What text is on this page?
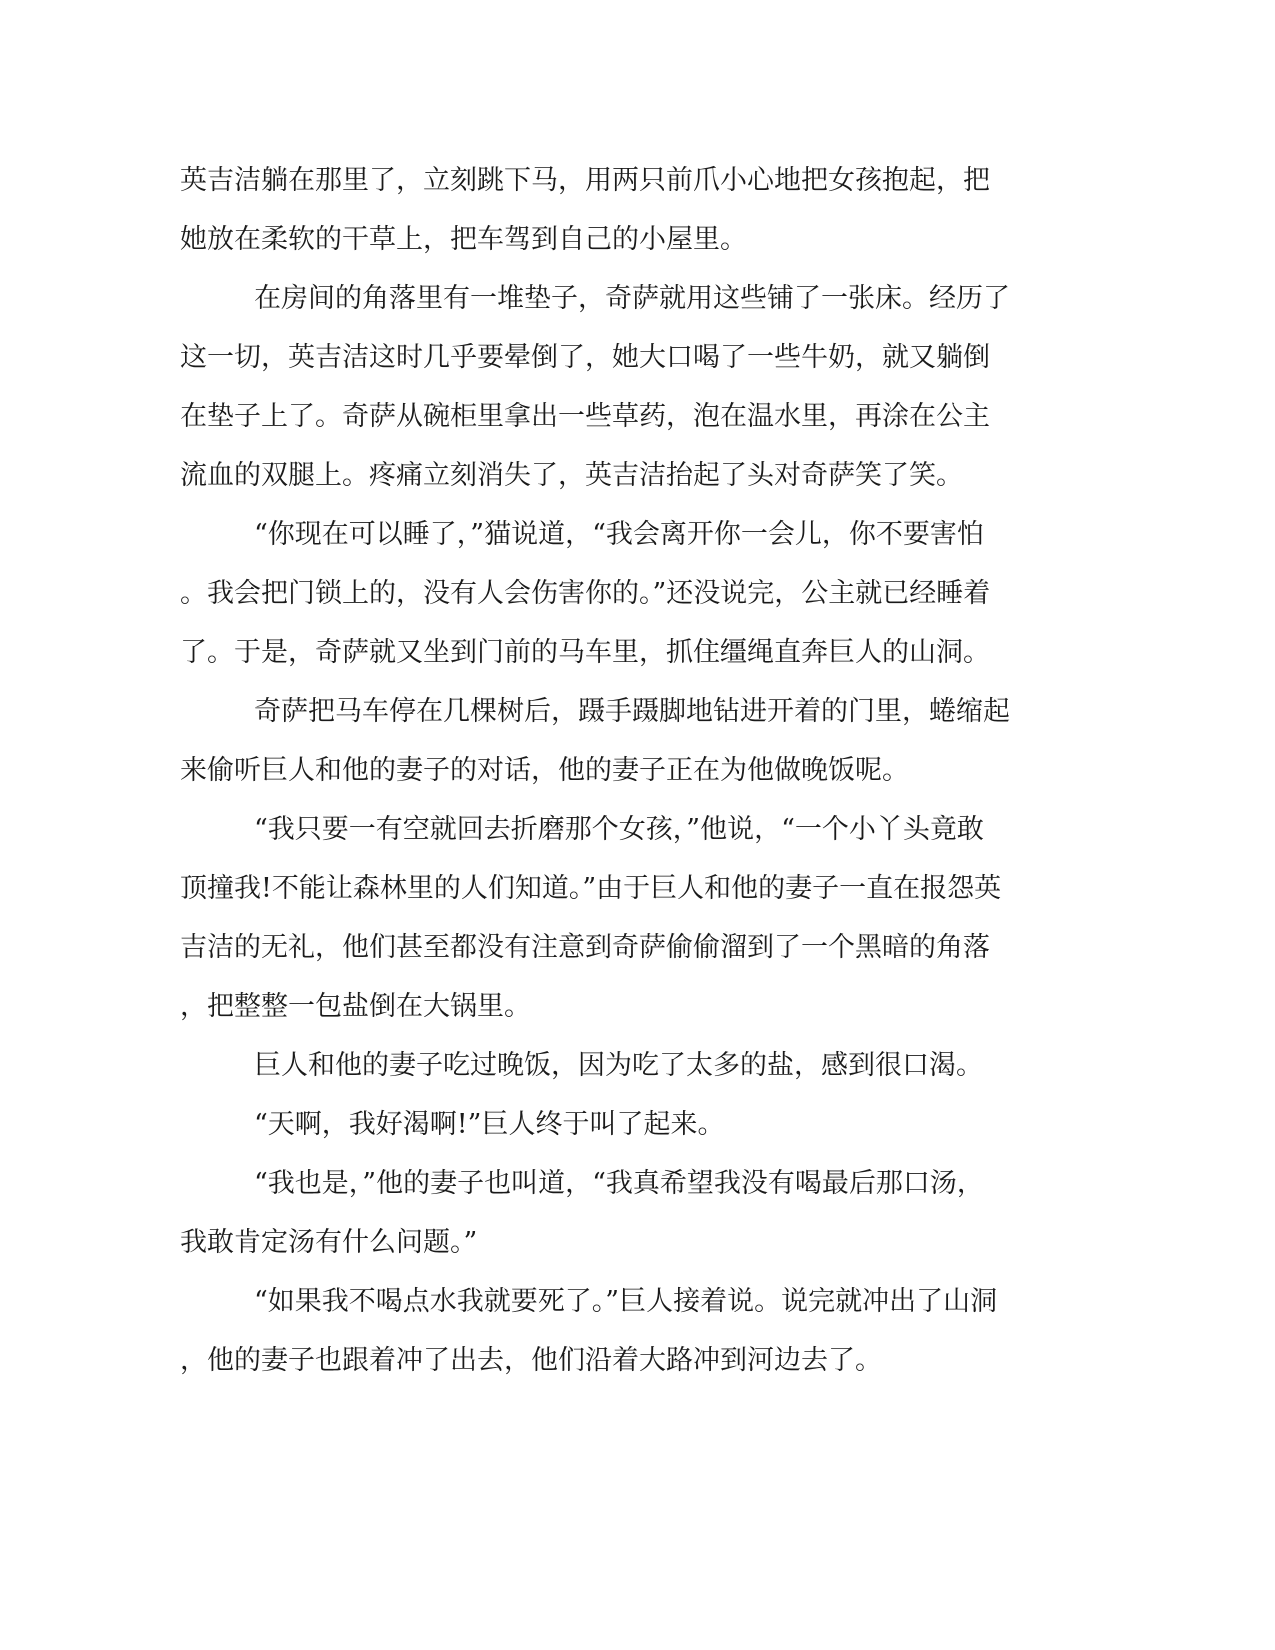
英吉洁躺在那里了，立刻跳下马，用两只前爪小心地把女孩抱起，把

她放在柔软的干草上，把车驾到自己的小屋里。

在房间的角落里有一堆垫子，奇萨就用这些铺了一张床。经历了

这一切，英吉洁这时几乎要晕倒了，她大口喝了一些牛奶，就又躺倒

在垫子上了。奇萨从碗柜里拿出一些草药，泡在温水里，再涂在公主

流血的双腿上。疼痛立刻消失了，英吉洁抬起了头对奇萨笑了笑。

“你现在可以睡了，”猫说道，“我会离开你一会儿，你不要害怕

。我会把门锁上的，没有人会伤害你的。”还没说完，公主就已经睡着

了。于是，奇萨就又坐到门前的马车里，抓住缰绳直奔巨人的山洞。

奇萨把马车停在几棵树后，蹑手蹑脚地钻进开着的门里，蜷缩起

来偷听巨人和他的妻子的对话，他的妻子正在为他做晚饭呢。

“我只要一有空就回去折磨那个女孩，”他说，“一个小丫头竟敢

顶撞我!不能让森林里的人们知道。”由于巨人和他的妻子一直在报怨英

吉洁的无礼，他们甚至都没有注意到奇萨偷偷溜到了一个黑暗的角落

，把整整一包盐倒在大锅里。

巨人和他的妻子吃过晚饭，因为吃了太多的盐，感到很口渴。

“天啊，我好渴啊!”巨人终于叫了起来。

“我也是，”他的妻子也叫道，“我真希望我没有喝最后那口汤，

我敢肯定汤有什么问题。”

“如果我不喝点水我就要死了。”巨人接着说。说完就冲出了山洞

，他的妻子也跟着冲了出去，他们沿着大路冲到河边去了。
